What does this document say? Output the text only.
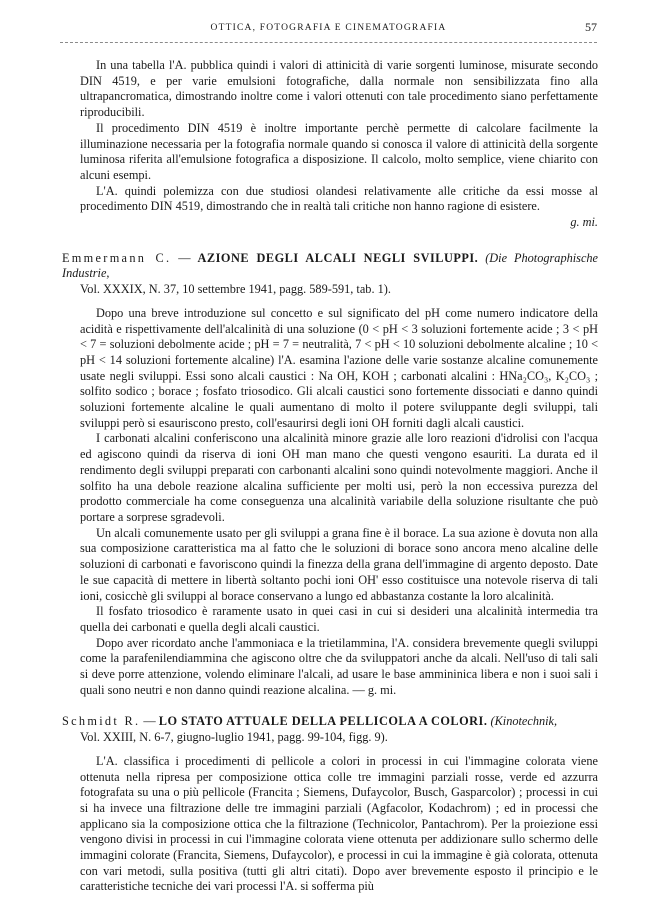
OTTICA, FOTOGRAFIA E CINEMATOGRAFIA	57

In una tabella l'A. pubblica quindi i valori di attinicità di varie sorgenti luminose, misurate secondo DIN 4519, e per varie emulsioni fotografiche, dalla normale non sensibilizzata fino alla ultrapancromatica, dimostrando inoltre come i valori ottenuti con tale procedimento siano perfettamente riproducibili.

Il procedimento DIN 4519 è inoltre importante perchè permette di calcolare facilmente la illuminazione necessaria per la fotografia normale quando si conosca il valore di attinicità della sorgente luminosa riferita all'emulsione fotografica a disposizione. Il calcolo, molto semplice, viene chiarito con alcuni esempi.

L'A. quindi polemizza con due studiosi olandesi relativamente alle critiche da essi mosse al procedimento DIN 4519, dimostrando che in realtà tali critiche non hanno ragione di esistere.

g. mi.

Emmermann C. — AZIONE DEGLI ALCALI NEGLI SVILUPPI. (Die Photographische Industrie,
Vol. XXXIX, N. 37, 10 settembre 1941, pagg. 589-591, tab. 1).

Dopo una breve introduzione sul concetto e sul significato del pH come numero indicatore della acidità e rispettivamente dell'alcalinità di una soluzione (0 < pH < 3 soluzioni fortemente acide ; 3 < pH < 7 = soluzioni debolmente acide ; pH = 7 = neutralità, 7 < pH < 10 soluzioni debolmente alcaline ; 10 < pH < 14 soluzioni fortemente alcaline) l'A. esamina l'azione delle varie sostanze alcaline comunemente usate negli sviluppi. Essi sono alcali caustici : Na OH, KOH ; carbonati alcalini : HNa₂CO₃, K₂CO₃ ; solfito sodico ; borace ; fosfato triosodico. Gli alcali caustici sono fortemente dissociati e danno quindi soluzioni fortemente alcaline le quali aumentano di molto il potere sviluppante degli sviluppi, tali sviluppi però si esauriscono presto, coll'esaurirsi degli ioni OH forniti dagli alcali caustici.

I carbonati alcalini conferiscono una alcalinità minore grazie alle loro reazioni d'idrolisi con l'acqua ed agiscono quindi da riserva di ioni OH man mano che questi vengono esauriti. La durata ed il rendimento degli sviluppi preparati con carbonanti alcalini sono quindi notevolmente maggiori. Anche il solfito ha una debole reazione alcalina sufficiente per molti usi, però la non eccessiva purezza del prodotto commerciale ha come conseguenza una alcalinità variabile della soluzione risultante che può portare a sorprese sgradevoli.

Un alcali comunemente usato per gli sviluppi a grana fine è il borace. La sua azione è dovuta non alla sua composizione caratteristica ma al fatto che le soluzioni di borace sono ancora meno alcaline delle soluzioni di carbonati e favoriscono quindi la finezza della grana dell'immagine di argento deposto. Date le sue capacità di mettere in libertà soltanto pochi ioni OH' esso costituisce una notevole riserva di tali ioni, cosicchè gli sviluppi al borace conservano a lungo ed abbastanza costante la loro alcalinità.

Il fosfato triosodico è raramente usato in quei casi in cui si desideri una alcalinità intermedia tra quella dei carbonati e quella degli alcali caustici.

Dopo aver ricordato anche l'ammoniaca e la trietilammina, l'A. considera brevemente quegli sviluppi come la parafenilendiammina che agiscono oltre che da sviluppatori anche da alcali. Nell'uso di tali sali si deve porre attenzione, volendo eliminare l'alcali, ad usare le base ammininica libera e non i suoi sali i quali sono neutri e non danno quindi reazione alcalina. — g. mi.

Schmidt R. — LO STATO ATTUALE DELLA PELLICOLA A COLORI. (Kinotechnik,
Vol. XXIII, N. 6-7, giugno-luglio 1941, pagg. 99-104, figg. 9).

L'A. classifica i procedimenti di pellicole a colori in processi in cui l'immagine colorata viene ottenuta nella ripresa per composizione ottica colle tre immagini parziali rosse, verde ed azzurra fotografata su una o più pellicole (Francita ; Siemens, Dufaycolor, Busch, Gasparcolor) ; processi in cui si ha invece una filtrazione delle tre immagini parziali (Agfacolor, Kodachrom) ; ed in processi che applicano sia la composizione ottica che la filtrazione (Technicolor, Pantachrom). Per la proiezione essi vengono divisi in processi in cui l'immagine colorata viene ottenuta per addizionare sullo schermo delle immagini colorate (Francita, Siemens, Dufaycolor), e processi in cui la immagine è già colorata, ottenuta con vari metodi, sulla positiva (tutti gli altri citati). Dopo aver brevemente esposto il principio e le caratteristiche tecniche dei vari processi l'A. si sofferma più
